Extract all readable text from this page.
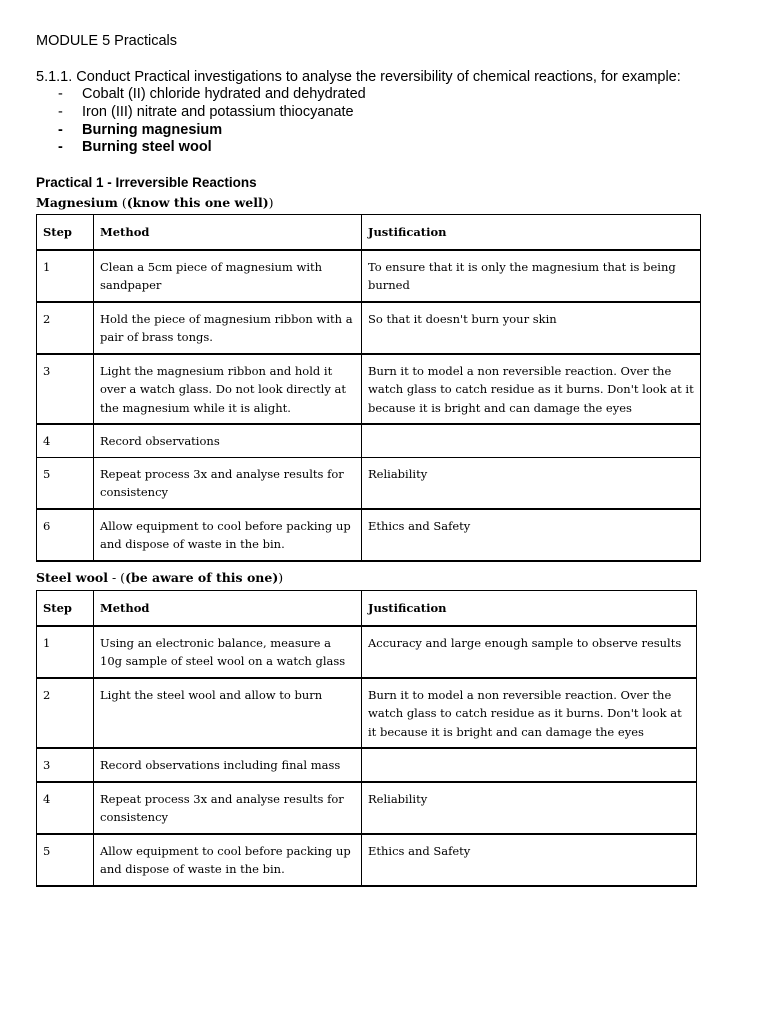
MODULE 5 Practicals
5.1.1. Conduct Practical investigations to analyse the reversibility of chemical reactions, for example:
- Cobalt (II) chloride hydrated and dehydrated
- Iron (III) nitrate and potassium thiocyanate
- Burning magnesium
- Burning steel wool
Practical 1 - Irreversible Reactions
Magnesium ((know this one well))
Step	Method	Justification
1	Clean a 5cm piece of magnesium with sandpaper	To ensure that it is only the magnesium that is being burned
2	Hold the piece of magnesium ribbon with a pair of brass tongs.	So that it doesn't burn your skin
3	Light the magnesium ribbon and hold it over a watch glass. Do not look directly at the magnesium while it is alight.	Burn it to model a non reversible reaction. Over the watch glass to catch residue as it burns. Don't look at it because it is bright and can damage the eyes
4	Record observations	
5	Repeat process 3x and analyse results for consistency	Reliability
6	Allow equipment to cool before packing up and dispose of waste in the bin.	Ethics and Safety
Steel wool - ((be aware of this one))
Step	Method	Justification
1	Using an electronic balance, measure a 10g sample of steel wool on a watch glass	Accuracy and large enough sample to observe results
2	Light the steel wool and allow to burn	Burn it to model a non reversible reaction. Over the watch glass to catch residue as it burns. Don't look at it because it is bright and can damage the eyes
3	Record observations including final mass	
4	Repeat process 3x and analyse results for consistency	Reliability
5	Allow equipment to cool before packing up and dispose of waste in the bin.	Ethics and Safety
